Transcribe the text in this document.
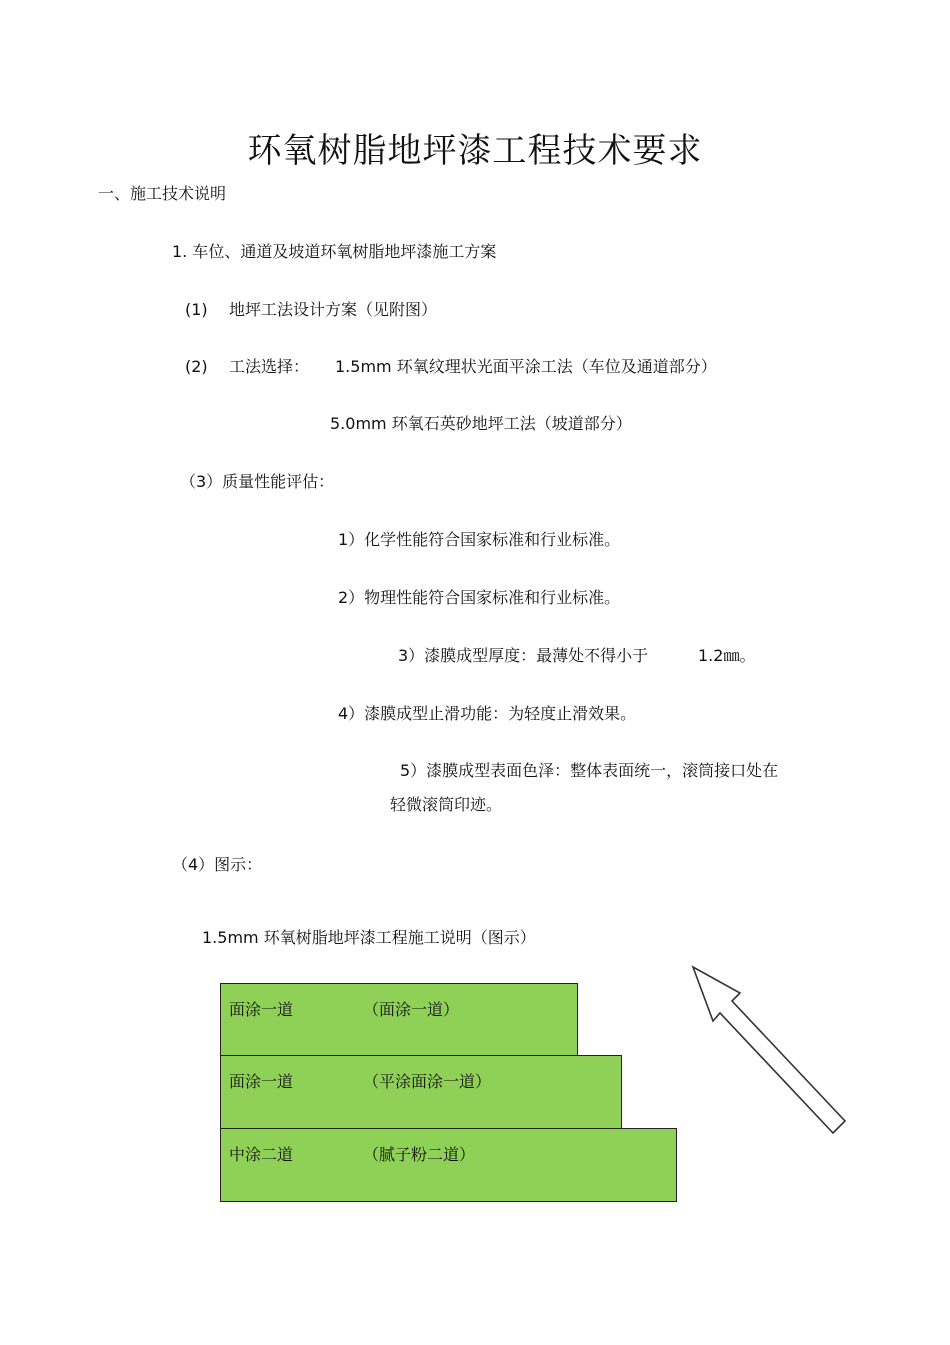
环氧树脂地坪漆工程技术要求
一、施工技术说明
1. 车位、通道及坡道环氧树脂地坪漆施工方案
(1) 地坪工法设计方案（见附图）
(2) 工法选择： 1.5mm 环氧纹理状光面平涂工法（车位及通道部分）
5.0mm 环氧石英砂地坪工法（坡道部分）
（3）质量性能评估：
1）化学性能符合国家标准和行业标准。
2）物理性能符合国家标准和行业标准。
3）漆膜成型厚度：最薄处不得小于	1.2㎜。
4）漆膜成型止滑功能：为轻度止滑效果。
5）漆膜成型表面色泽：整体表面统一，滚筒接口处在
轻微滚筒印迹。
（4）图示：
1.5mm 环氧树脂地坪漆工程施工说明（图示）
面涂一道	（面涂一道）
面涂一道	（平涂面涂一道）
中涂二道	（腻子粉二道）
